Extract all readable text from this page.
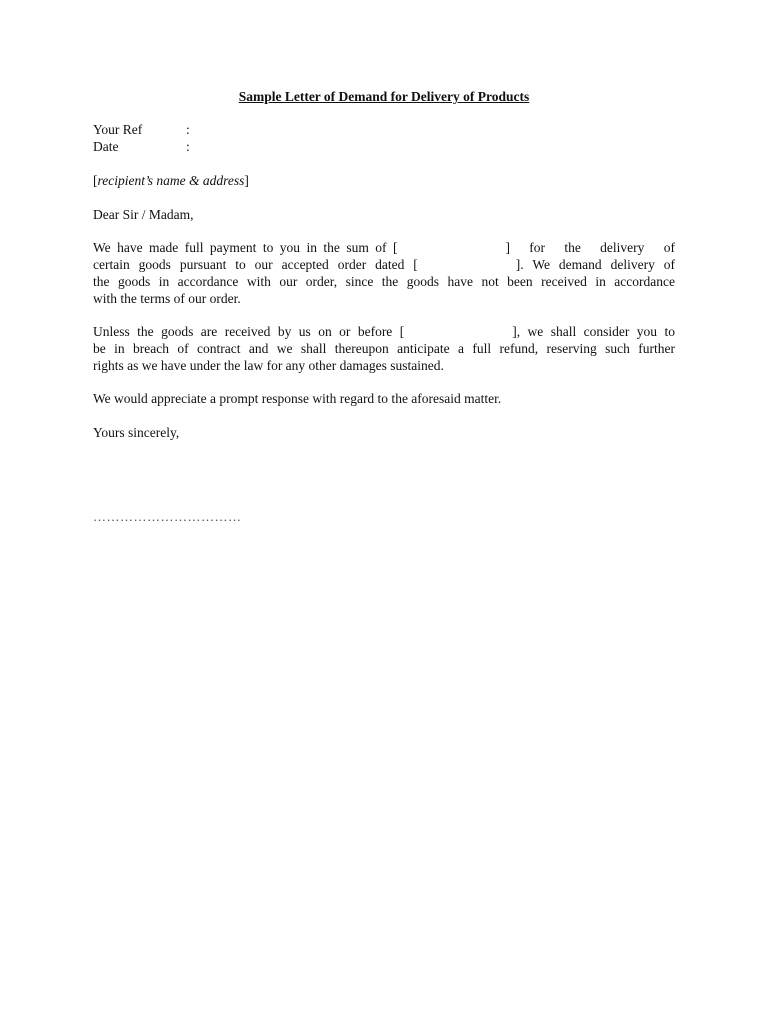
Sample Letter of Demand for Delivery of Products
Your Ref	:
Date	:
[recipient’s name & address]
Dear Sir / Madam,
We have made full payment to you in the sum of [	]   for   the   delivery   of
certain goods pursuant to our accepted order dated [	]. We demand delivery of
the goods in accordance with our order, since the goods have not been received in accordance
with the terms of our order.
Unless the goods are received by us on or before [	], we shall consider you to
be in breach of contract and we shall thereupon anticipate a full refund, reserving such further
rights as we have under the law for any other damages sustained.
We would appreciate a prompt response with regard to the aforesaid matter.
Yours sincerely,
……………………………
